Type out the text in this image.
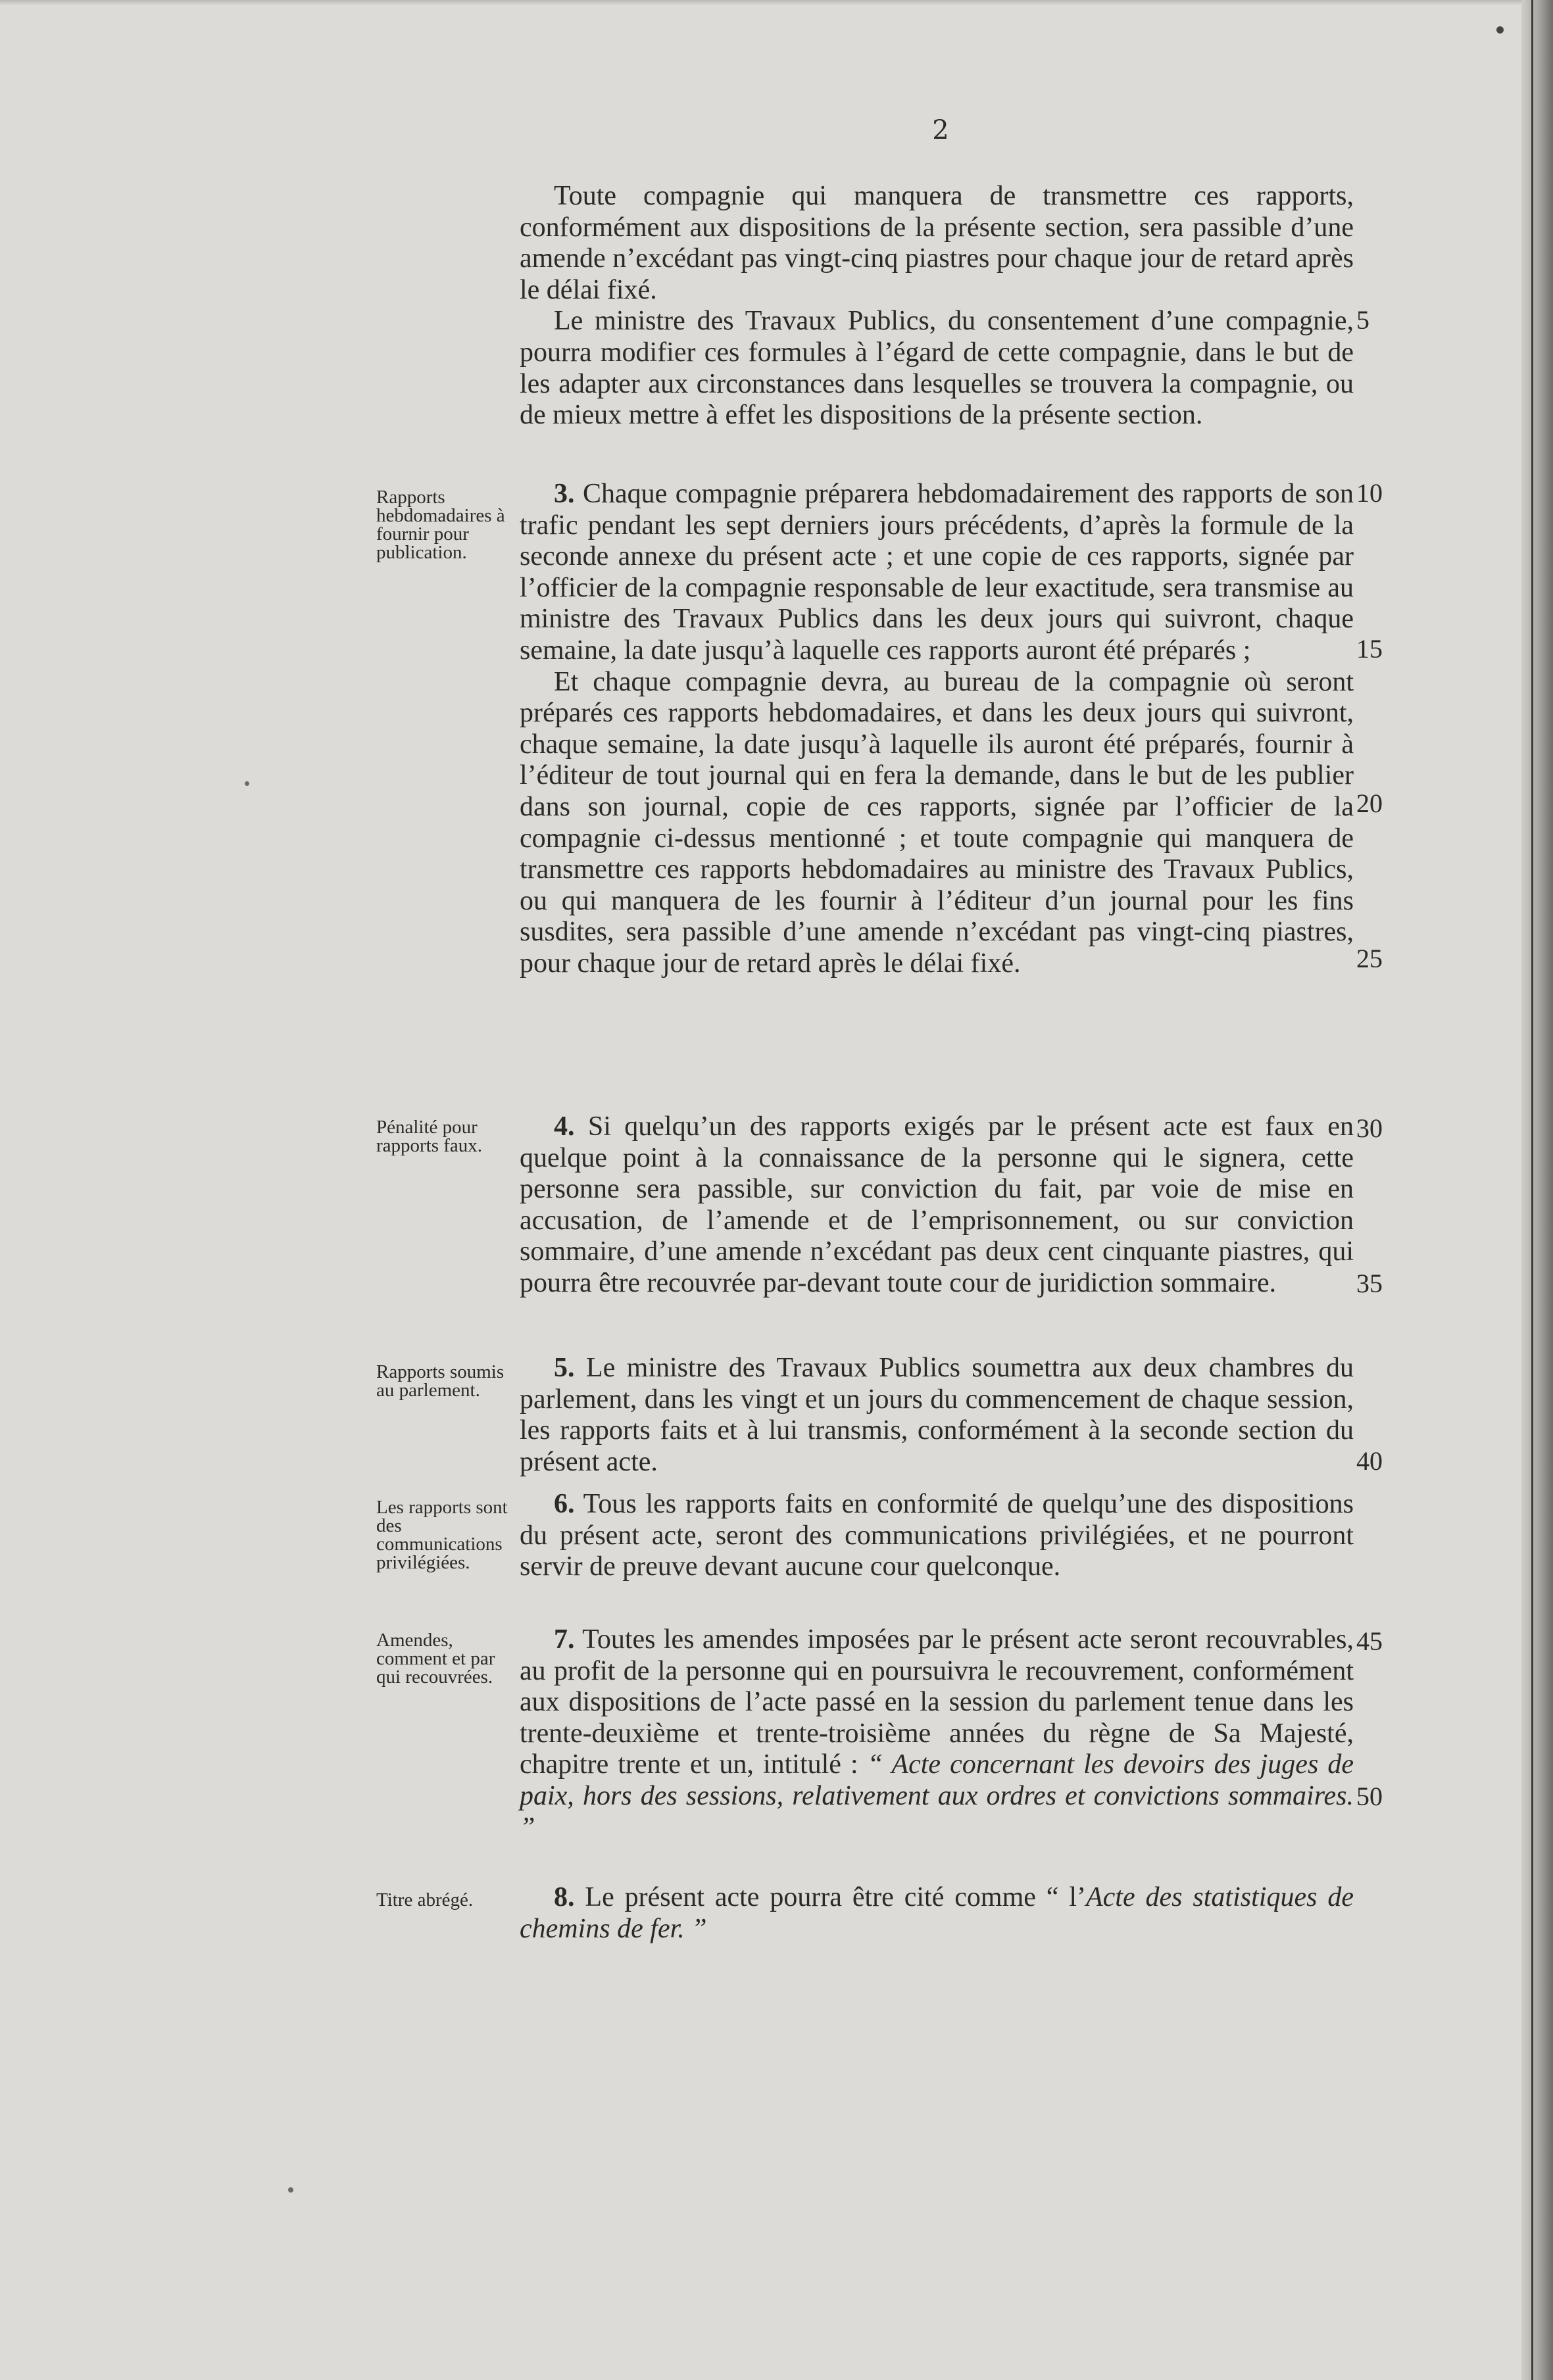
2

Toute compagnie qui manquera de transmettre ces rapports, conformément aux dispositions de la présente section, sera passible d’une amende n’excédant pas vingt-cinq piastres pour chaque jour de retard après le délai fixé.

Le ministre des Travaux Publics, du consentement d’une compagnie, pourra modifier ces formules à l’égard de cette compagnie, dans le but de les adapter aux circonstances dans lesquelles se trouvera la compagnie, ou de mieux mettre à effet les dispositions de la présente section.

Rapports hebdomadaires à fournir pour publication.

3. Chaque compagnie préparera hebdomadairement des rapports de son trafic pendant les sept derniers jours précédents, d’après la formule de la seconde annexe du présent acte ; et une copie de ces rapports, signée par l’officier de la compagnie responsable de leur exactitude, sera transmise au ministre des Travaux Publics dans les deux jours qui suivront, chaque semaine, la date jusqu’à laquelle ces rapports auront été préparés ;

Et chaque compagnie devra, au bureau de la compagnie où seront préparés ces rapports hebdomadaires, et dans les deux jours qui suivront, chaque semaine, la date jusqu’à laquelle ils auront été préparés, fournir à l’éditeur de tout journal qui en fera la demande, dans le but de les publier dans son journal, copie de ces rapports, signée par l’officier de la compagnie ci-dessus mentionné ; et toute compagnie qui manquera de transmettre ces rapports hebdomadaires au ministre des Travaux Publics, ou qui manquera de les fournir à l’éditeur d’un journal pour les fins susdites, sera passible d’une amende n’excédant pas vingt-cinq piastres, pour chaque jour de retard après le délai fixé.

Pénalité pour rapports faux.

4. Si quelqu’un des rapports exigés par le présent acte est faux en quelque point à la connaissance de la personne qui le signera, cette personne sera passible, sur conviction du fait, par voie de mise en accusation, de l’amende et de l’emprisonnement, ou sur conviction sommaire, d’une amende n’excédant pas deux cent cinquante piastres, qui pourra être recouvrée par-devant toute cour de juridiction sommaire.

Rapports soumis au parlement.

5. Le ministre des Travaux Publics soumettra aux deux chambres du parlement, dans les vingt et un jours du commencement de chaque session, les rapports faits et à lui transmis, conformément à la seconde section du présent acte.

Les rapports sont des communications privilégiées.

6. Tous les rapports faits en conformité de quelqu’une des dispositions du présent acte, seront des communications privilégiées, et ne pourront servir de preuve devant aucune cour quelconque.

Amendes, comment et par qui recouvrées.

7. Toutes les amendes imposées par le présent acte seront recouvrables, au profit de la personne qui en poursuivra le recouvrement, conformément aux dispositions de l’acte passé en la session du parlement tenue dans les trente-deuxième et trente-troisième années du règne de Sa Majesté, chapitre trente et un, intitulé : “ Acte concernant les devoirs des juges de paix, hors des sessions, relativement aux ordres et convictions sommaires. ”

Titre abrégé.	8. Le présent acte pourra être cité comme “ l’Acte des statistiques de chemins de fer. ”

5
10
15
20
25
30
35
40
45
50
